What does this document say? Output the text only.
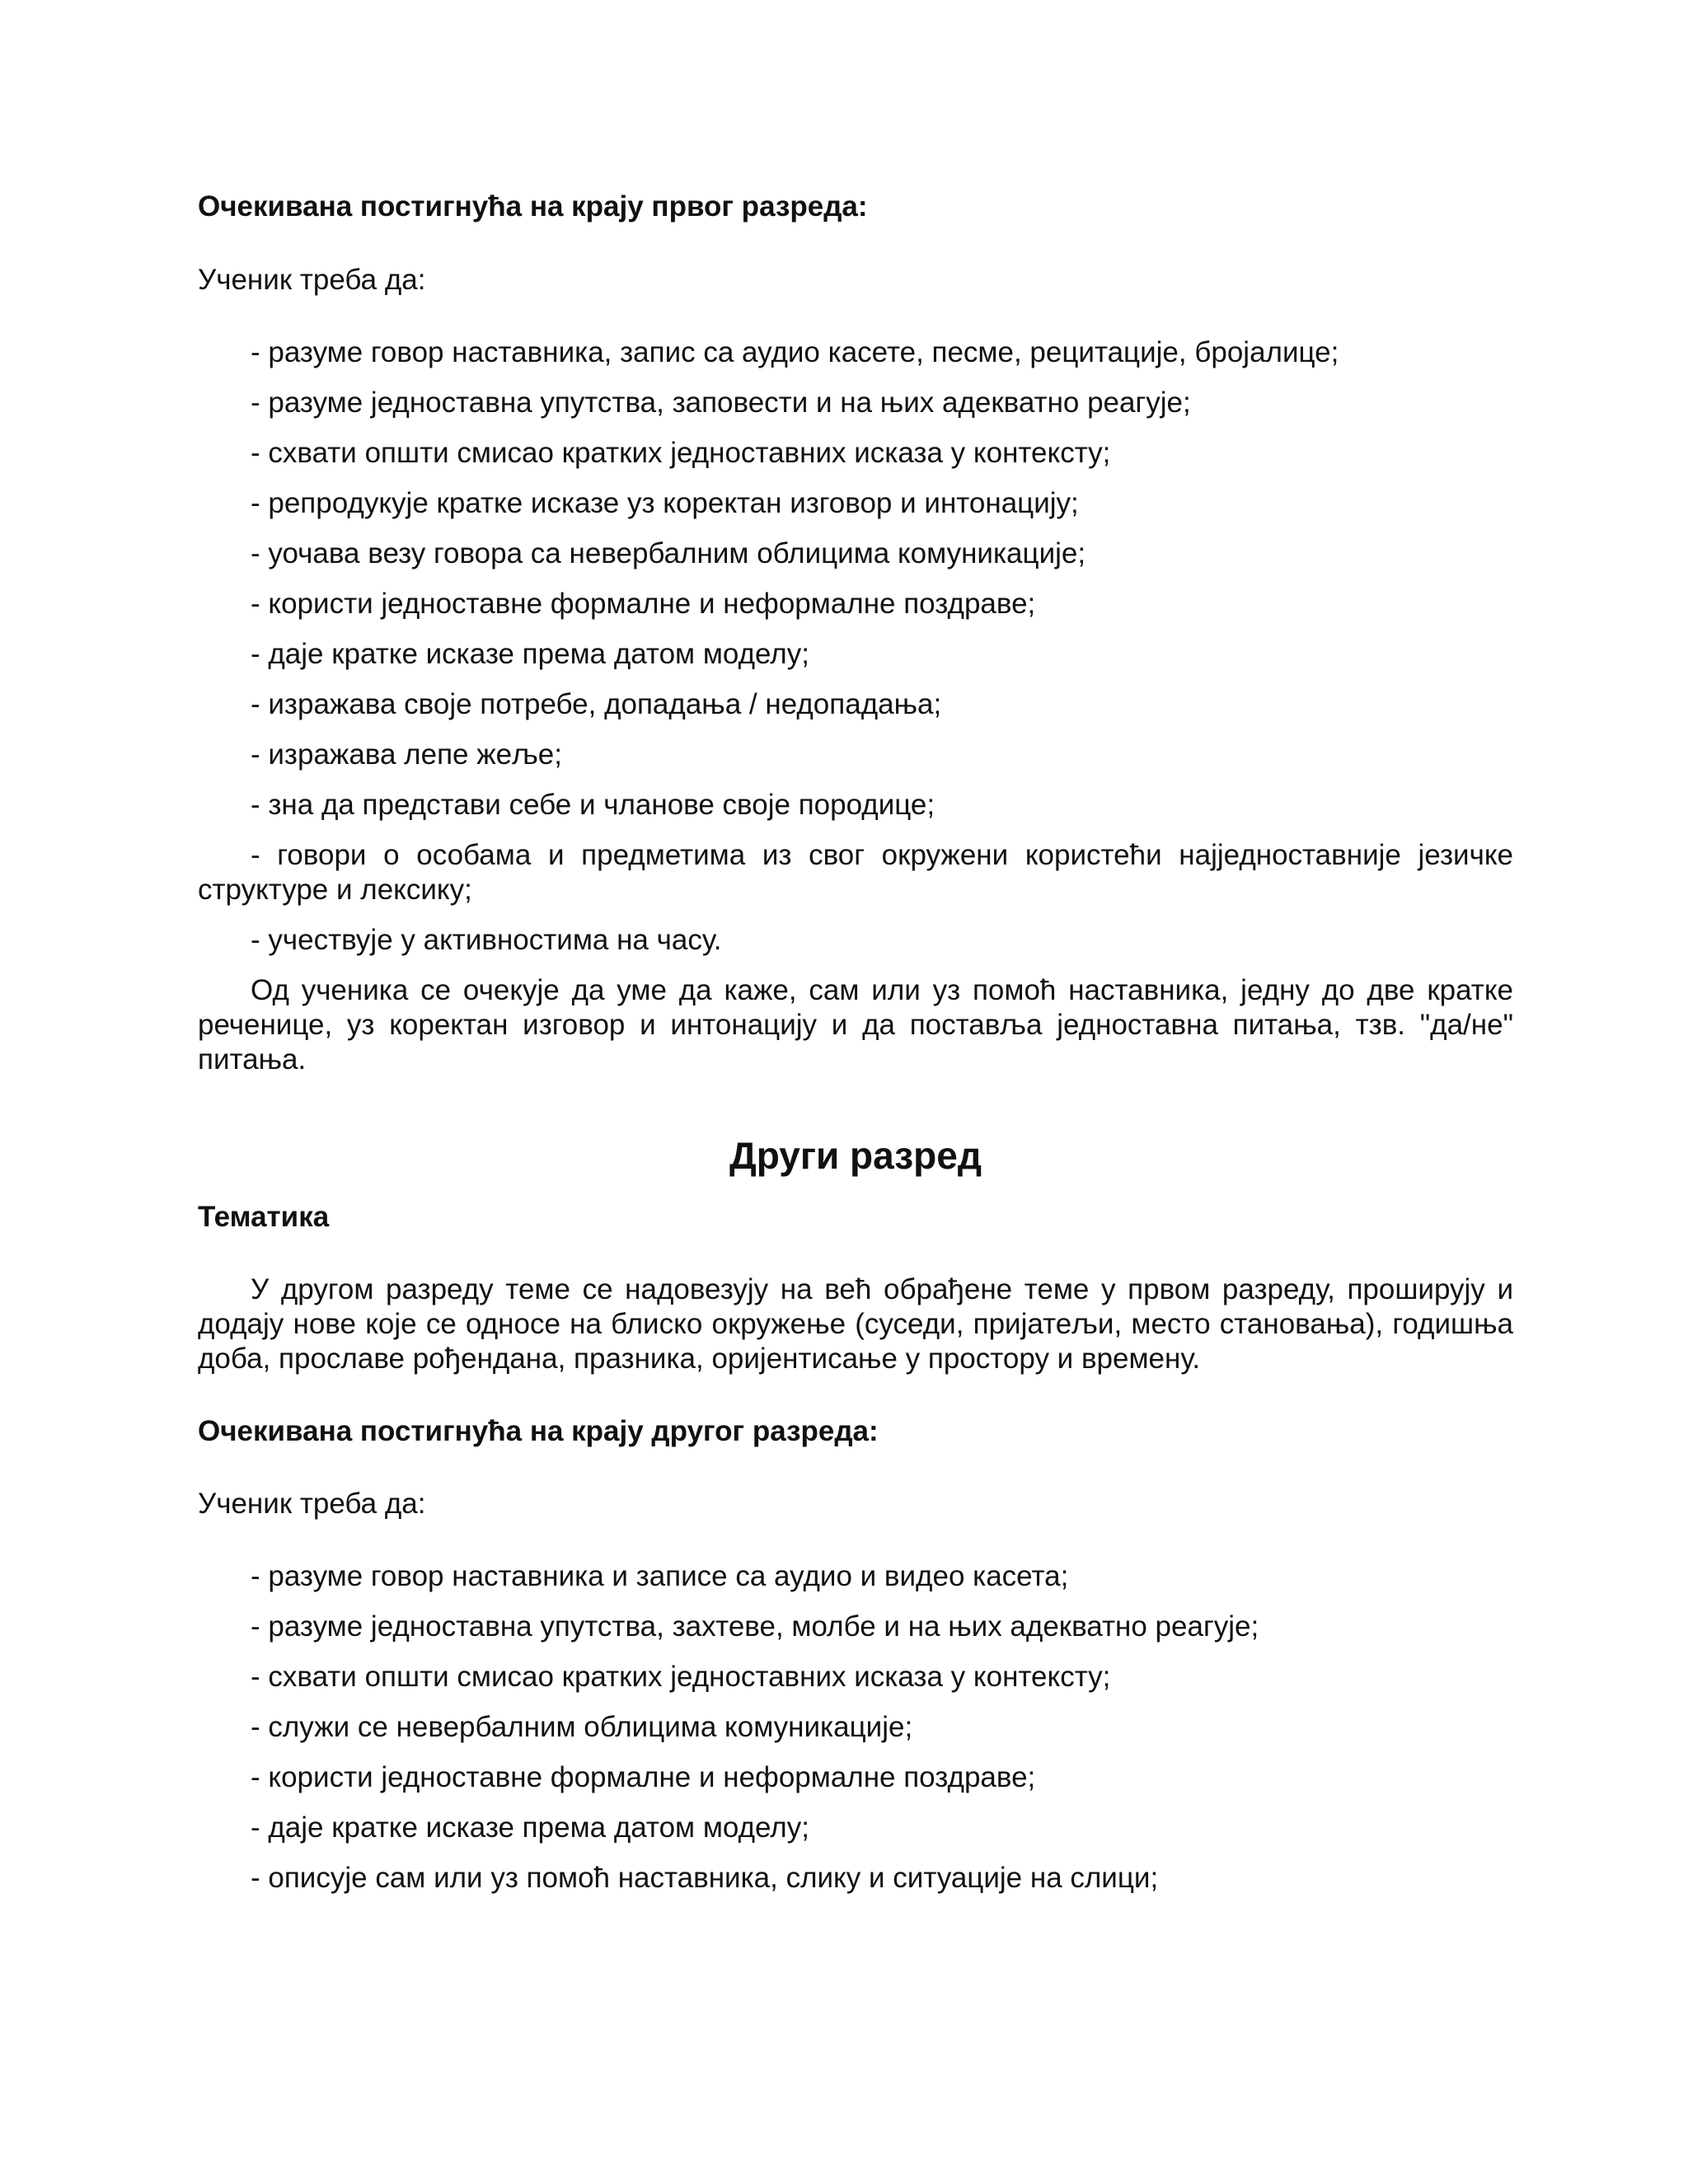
Очекивана постигнућа на крају првог разреда:

Ученик треба да:

- разуме говор наставника, запис са аудио касете, песме, рецитације, бројалице;

- разуме једноставна упутства, заповести и на њих адекватно реагује;

- схвати општи смисао кратких једноставних исказа у контексту;

- репродукује кратке исказе уз коректан изговор и интонацију;

- уочава везу говора са невербалним облицима комуникације;

- користи једноставне формалне и неформалне поздраве;

- даје кратке исказе према датом моделу;

- изражава своје потребе, допадања / недопадања;

- изражава лепе жеље;

- зна да представи себе и чланове своје породице;

- говори о особама и предметима из свог окружени користећи најједноставније језичке структуре и лексику;

- учествује у активностима на часу.

Од ученика се очекује да уме да каже, сам или уз помоћ наставника, једну до две кратке реченице, уз коректан изговор и интонацију и да поставља једноставна питања, тзв. "да/не" питања.

Други разред

Тематика

У другом разреду теме се надовезују на већ обрађене теме у првом разреду, проширују и додају нове које се односе на блиско окружење (суседи, пријатељи, место становања), годишња доба, прославе рођендана, празника, оријентисање у простору и времену.

Очекивана постигнућа на крају другог разреда:

Ученик треба да:

- разуме говор наставника и записе са аудио и видео касета;

- разуме једноставна упутства, захтеве, молбе и на њих адекватно реагује;

- схвати општи смисао кратких једноставних исказа у контексту;

- служи се невербалним облицима комуникације;

- користи једноставне формалне и неформалне поздраве;

- даје кратке исказе према датом моделу;

- описује сам или уз помоћ наставника, слику и ситуације на слици;
